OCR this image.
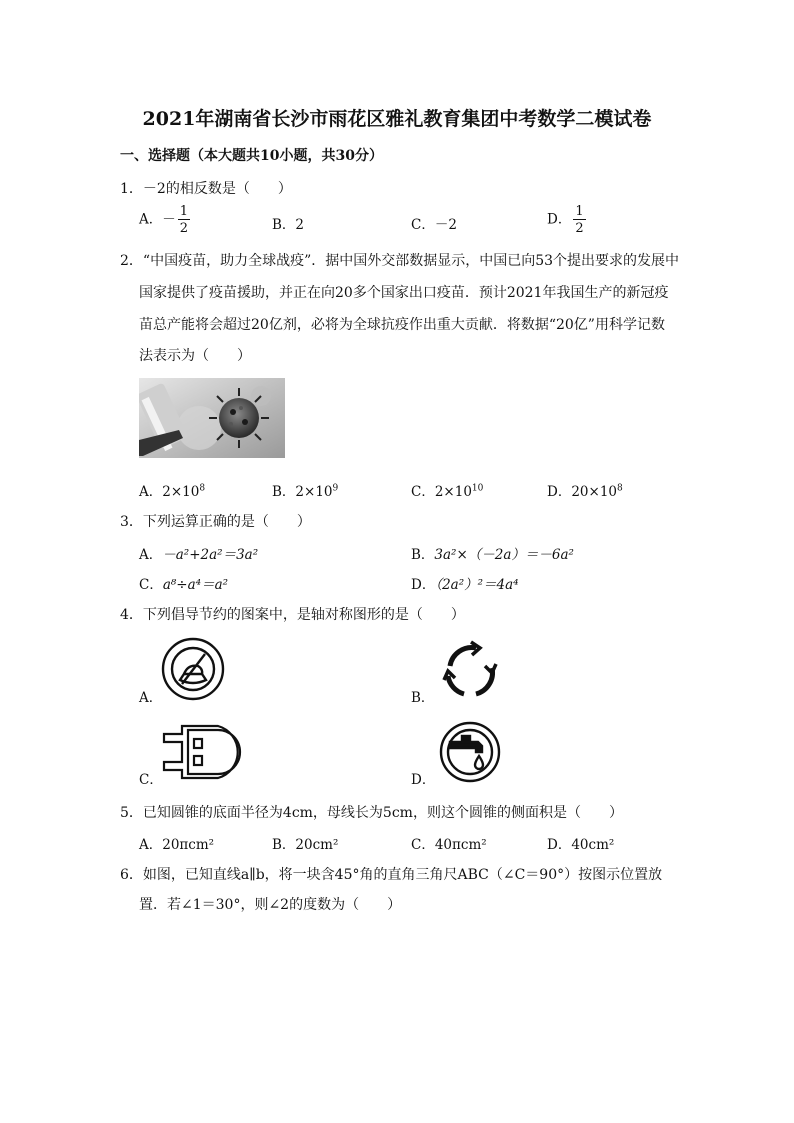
2021年湖南省长沙市雨花区雅礼教育集团中考数学二模试卷
一、选择题（本大题共10小题，共30分）
1．－2的相反数是（　　）
A．－ $\frac{1}{2}$	B．2	C．－2	D． $\frac{1}{2}$
2．“中国疫苗，助力全球战疫”．据中国外交部数据显示，中国已向53个提出要求的发展中
国家提供了疫苗援助，并正在向20多个国家出口疫苗．预计2021年我国生产的新冠疫
苗总产能将会超过20亿剂，必将为全球抗疫作出重大贡献．将数据“20亿”用科学记数
法表示为（　　）
A．$2\times 10^8$	B．$2\times 10^9$	C．$2\times 10^{10}$	D．$20\times 10^8$
3．下列运算正确的是（　　）
A．－a²+2a²＝3a²	B．3a²×（－2a）＝－6a²
C．a⁸÷a⁴＝a²	D．（2a²）²＝4a⁴
4．下列倡导节约的图案中，是轴对称图形的是（　　）
A．	B．
C．	D．
5．已知圆锥的底面半径为4cm，母线长为5cm，则这个圆锥的侧面积是（　　）
A．20πcm²	B．20cm²	C．40πcm²	D．40cm²
6．如图，已知直线a∥b，将一块含45°角的直角三角尺ABC（∠C＝90°）按图示位置放
置．若∠1＝30°，则∠2的度数为（　　）
